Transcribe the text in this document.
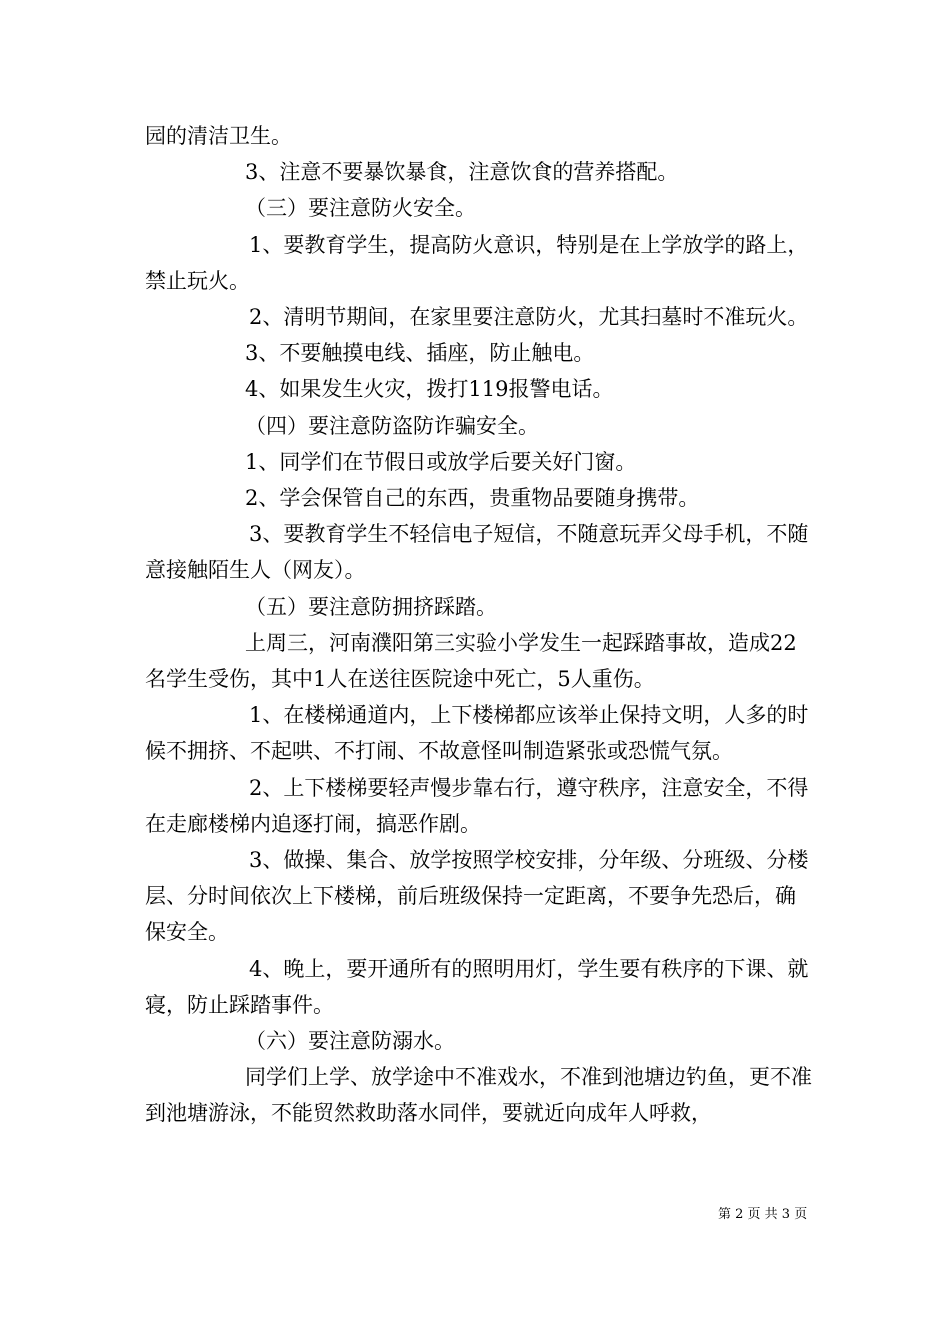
园的清洁卫生。

3、注意不要暴饮暴食，注意饮食的营养搭配。

（三）要注意防火安全。

1、要教育学生，提高防火意识，特别是在上学放学的路上，禁止玩火。

2、清明节期间，在家里要注意防火，尤其扫墓时不准玩火。

3、不要触摸电线、插座，防止触电。

4、如果发生火灾，拨打119报警电话。

（四）要注意防盗防诈骗安全。

1、同学们在节假日或放学后要关好门窗。

2、学会保管自己的东西，贵重物品要随身携带。

3、要教育学生不轻信电子短信，不随意玩弄父母手机，不随意接触陌生人（网友）。

（五）要注意防拥挤踩踏。

上周三，河南濮阳第三实验小学发生一起踩踏事故，造成22名学生受伤，其中1人在送往医院途中死亡，5人重伤。

1、在楼梯通道内，上下楼梯都应该举止保持文明，人多的时候不拥挤、不起哄、不打闹、不故意怪叫制造紧张或恐慌气氛。

2、上下楼梯要轻声慢步靠右行，遵守秩序，注意安全，不得在走廊楼梯内追逐打闹，搞恶作剧。

3、做操、集合、放学按照学校安排，分年级、分班级、分楼层、分时间依次上下楼梯，前后班级保持一定距离，不要争先恐后，确保安全。

4、晚上，要开通所有的照明用灯，学生要有秩序的下课、就寝，防止踩踏事件。

（六）要注意防溺水。

同学们上学、放学途中不准戏水，不准到池塘边钓鱼，更不准到池塘游泳，不能贸然救助落水同伴，要就近向成年人呼救，

第 2 页 共 3 页
